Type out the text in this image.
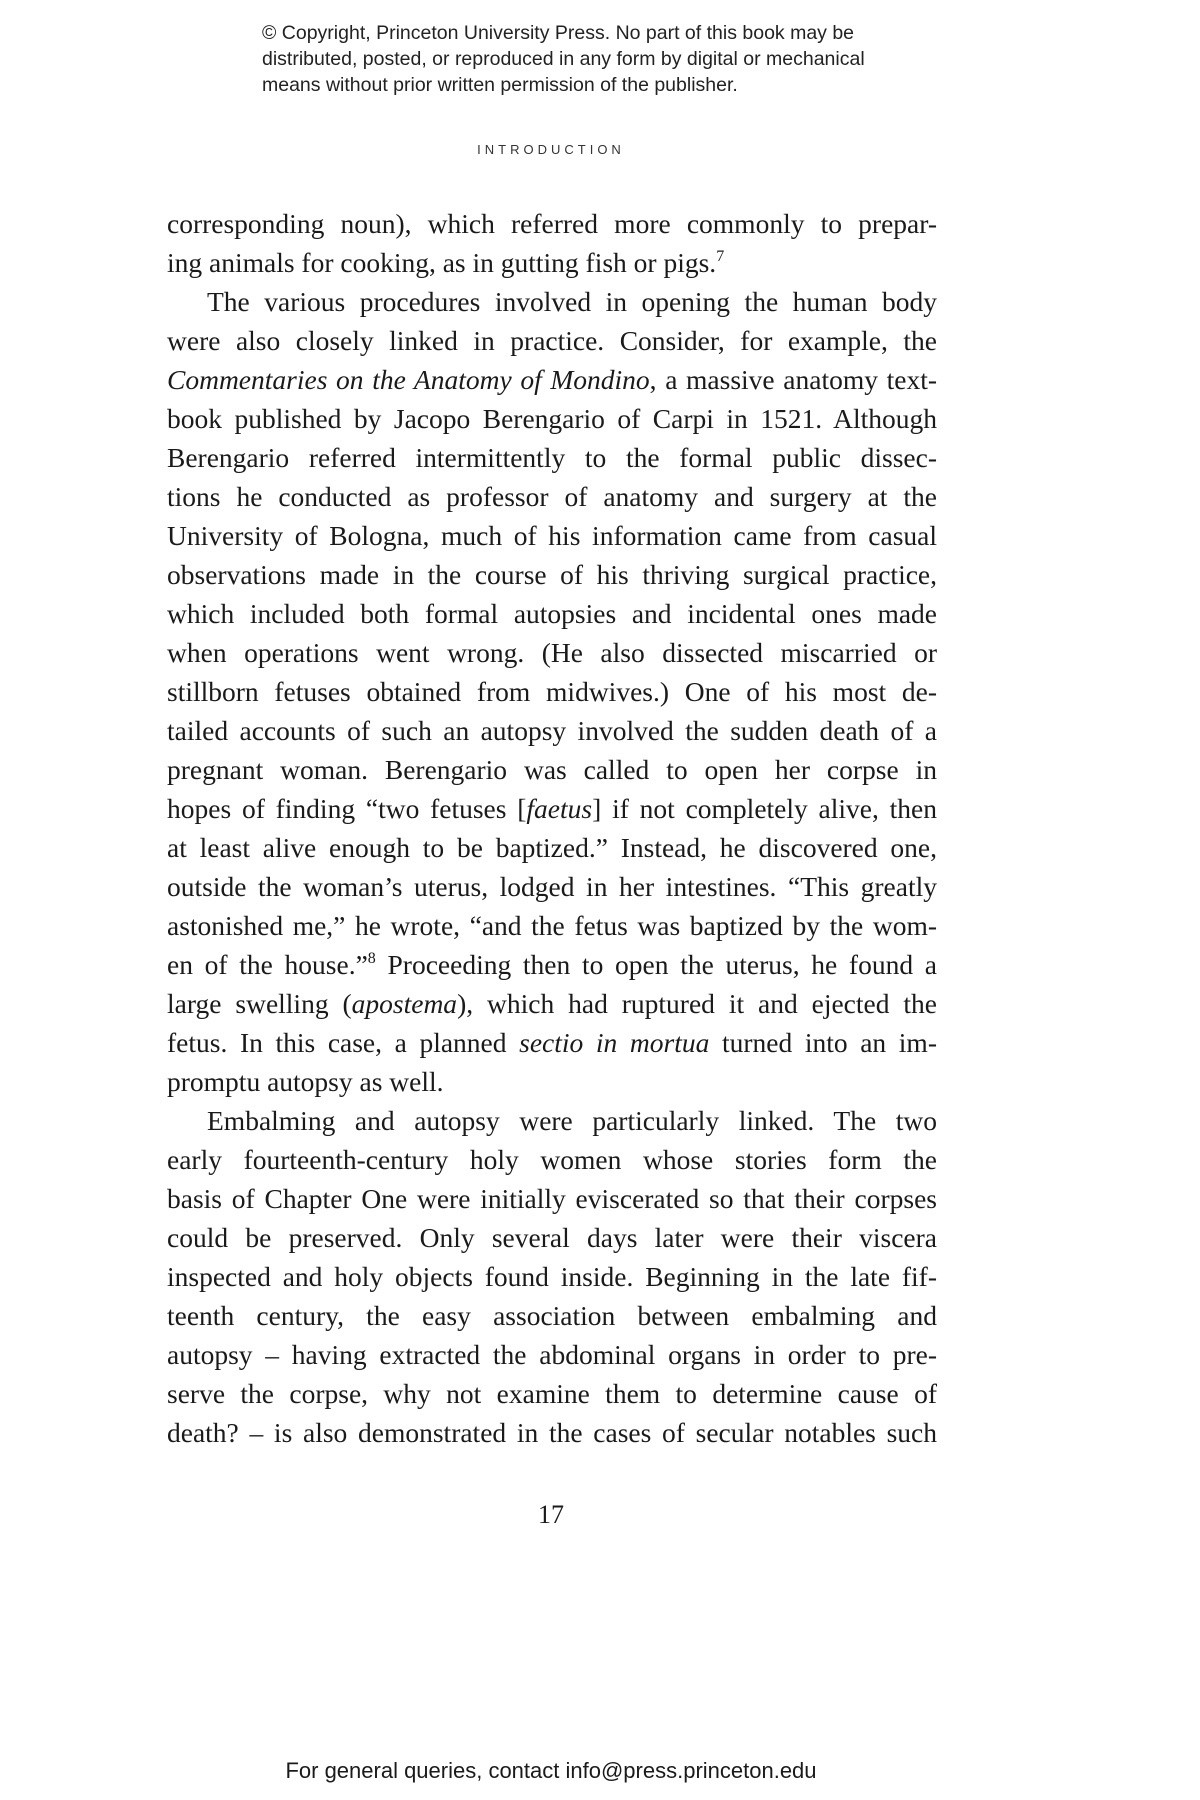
© Copyright, Princeton University Press. No part of this book may be
distributed, posted, or reproduced in any form by digital or mechanical
means without prior written permission of the publisher.
INTRODUCTION
corresponding noun), which referred more commonly to prepar-
ing animals for cooking, as in gutting fish or pigs.$^7$
The various procedures involved in opening the human body
were also closely linked in practice. Consider, for example, the
Commentaries on the Anatomy of Mondino, a massive anatomy text-
book published by Jacopo Berengario of Carpi in 1521. Although
Berengario referred intermittently to the formal public dissec-
tions he conducted as professor of anatomy and surgery at the
University of Bologna, much of his information came from casual
observations made in the course of his thriving surgical practice,
which included both formal autopsies and incidental ones made
when operations went wrong. (He also dissected miscarried or
stillborn fetuses obtained from midwives.) One of his most de-
tailed accounts of such an autopsy involved the sudden death of a
pregnant woman. Berengario was called to open her corpse in
hopes of finding “two fetuses [faetus] if not completely alive, then
at least alive enough to be baptized.” Instead, he discovered one,
outside the woman’s uterus, lodged in her intestines. “This greatly
astonished me,” he wrote, “and the fetus was baptized by the wom-
en of the house.”$^8$ Proceeding then to open the uterus, he found a
large swelling (apostema), which had ruptured it and ejected the
fetus. In this case, a planned sectio in mortua turned into an im-
promptu autopsy as well.
Embalming and autopsy were particularly linked. The two
early fourteenth-century holy women whose stories form the
basis of Chapter One were initially eviscerated so that their corpses
could be preserved. Only several days later were their viscera
inspected and holy objects found inside. Beginning in the late fif-
teenth century, the easy association between embalming and
autopsy – having extracted the abdominal organs in order to pre-
serve the corpse, why not examine them to determine cause of
death? – is also demonstrated in the cases of secular notables such
17
For general queries, contact info@press.princeton.edu
